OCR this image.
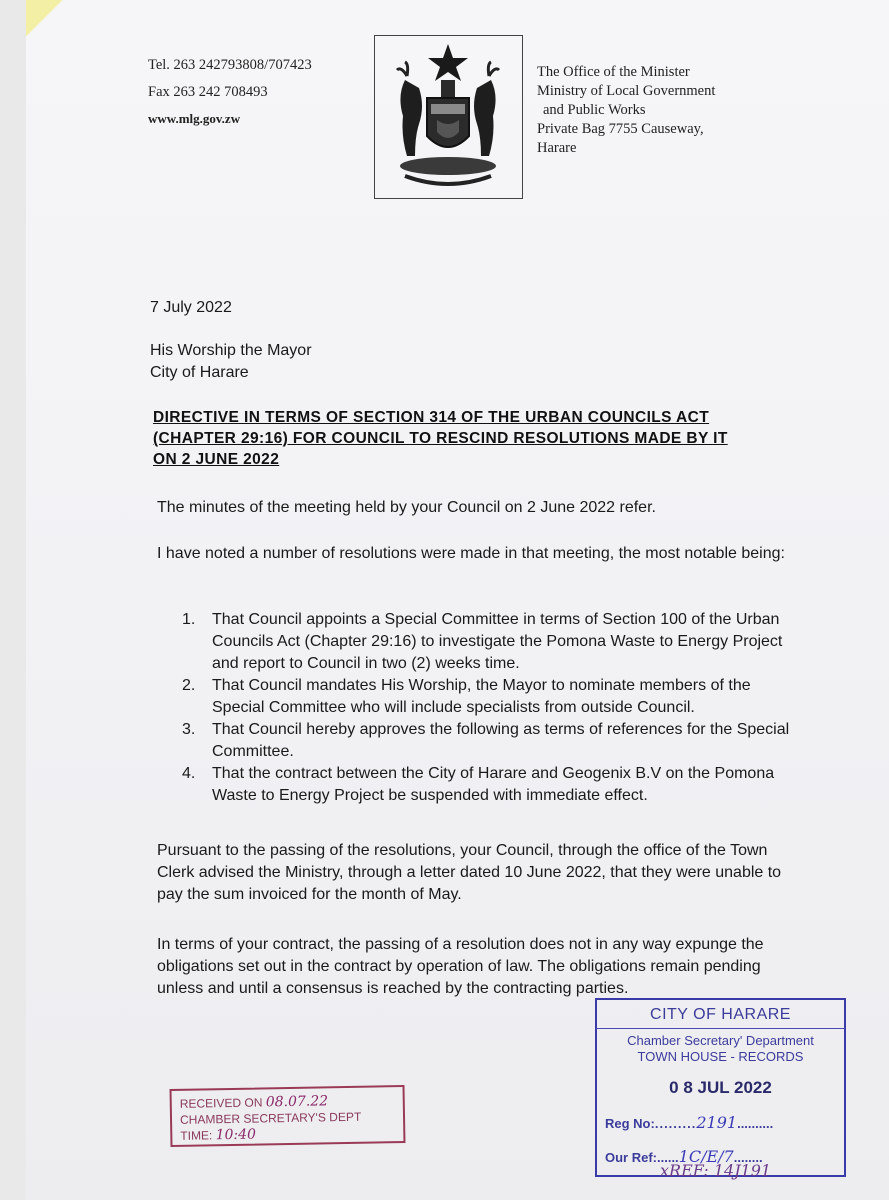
Tel. 263 242793808/707423
Fax 263 242 708493
www.mlg.gov.zw
The Office of the Minister
Ministry of Local Government
and Public Works
Private Bag 7755 Causeway,
Harare
7 July 2022
His Worship the Mayor
City of Harare
DIRECTIVE IN TERMS OF SECTION 314 OF THE URBAN COUNCILS ACT
(CHAPTER 29:16) FOR COUNCIL TO RESCIND RESOLUTIONS MADE BY IT
ON 2 JUNE 2022
The minutes of the meeting held by your Council on 2 June 2022 refer.
I have noted a number of resolutions were made in that meeting, the most notable being:
1. That Council appoints a Special Committee in terms of Section 100 of the Urban Councils Act (Chapter 29:16) to investigate the Pomona Waste to Energy Project and report to Council in two (2) weeks time.
2. That Council mandates His Worship, the Mayor to nominate members of the Special Committee who will include specialists from outside Council.
3. That Council hereby approves the following as terms of references for the Special Committee.
4. That the contract between the City of Harare and Geogenix B.V on the Pomona Waste to Energy Project be suspended with immediate effect.
Pursuant to the passing of the resolutions, your Council, through the office of the Town Clerk advised the Ministry, through a letter dated 10 June 2022, that they were unable to pay the sum invoiced for the month of May.
In terms of your contract, the passing of a resolution does not in any way expunge the obligations set out in the contract by operation of law. The obligations remain pending unless and until a consensus is reached by the contracting parties.
CITY OF HARARE
Chamber Secretary' Department
TOWN HOUSE - RECORDS
0 8 JUL 2022
Reg No:.........2191..........
Our Ref:......1C/E/7........
xREF: 14J191
RECEIVED ON 08.07.22
CHAMBER SECRETARY'S DEPT
TIME: 10:40
